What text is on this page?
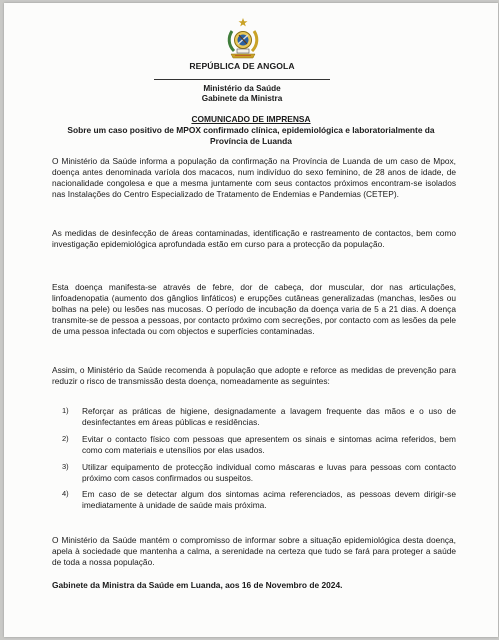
REPÚBLICA DE ANGOLA
Ministério da Saúde
Gabinete da Ministra
COMUNICADO DE IMPRENSA
Sobre um caso positivo de MPOX confirmado clínica, epidemiológica e laboratorialmente da Província de Luanda

O Ministério da Saúde informa a população da confirmação na Província de Luanda de um caso de Mpox, doença antes denominada varíola dos macacos, num indivíduo do sexo feminino, de 28 anos de idade, de nacionalidade congolesa e que a mesma juntamente com seus contactos próximos encontram-se isolados nas Instalações do Centro Especializado de Tratamento de Endemias e Pandemias (CETEP).

As medidas de desinfecção de áreas contaminadas, identificação e rastreamento de contactos, bem como investigação epidemiológica aprofundada estão em curso para a protecção da população.

Esta doença manifesta-se através de febre, dor de cabeça, dor muscular, dor nas articulações, linfoadenopatia (aumento dos gânglios linfáticos) e erupções cutâneas generalizadas (manchas, lesões ou bolhas na pele) ou lesões nas mucosas. O período de incubação da doença varia de 5 a 21 dias. A doença transmite-se de pessoa a pessoas, por contacto próximo com secreções, por contacto com as lesões da pele de uma pessoa infectada ou com objectos e superfícies contaminadas.

Assim, o Ministério da Saúde recomenda à população que adopte e reforce as medidas de prevenção para reduzir o risco de transmissão desta doença, nomeadamente as seguintes:

1) Reforçar as práticas de higiene, designadamente a lavagem frequente das mãos e o uso de desinfectantes em áreas públicas e residências.
2) Evitar o contacto físico com pessoas que apresentem os sinais e sintomas acima referidos, bem como com materiais e utensílios por elas usados.
3) Utilizar equipamento de protecção individual como máscaras e luvas para pessoas com contacto próximo com casos confirmados ou suspeitos.
4) Em caso de se detectar algum dos sintomas acima referenciados, as pessoas devem dirigir-se imediatamente à unidade de saúde mais próxima.

O Ministério da Saúde mantém o compromisso de informar sobre a situação epidemiológica desta doença, apela à sociedade que mantenha a calma, a serenidade na certeza que tudo se fará para proteger a saúde de toda a nossa população.

Gabinete da Ministra da Saúde em Luanda, aos 16 de Novembro de 2024.
